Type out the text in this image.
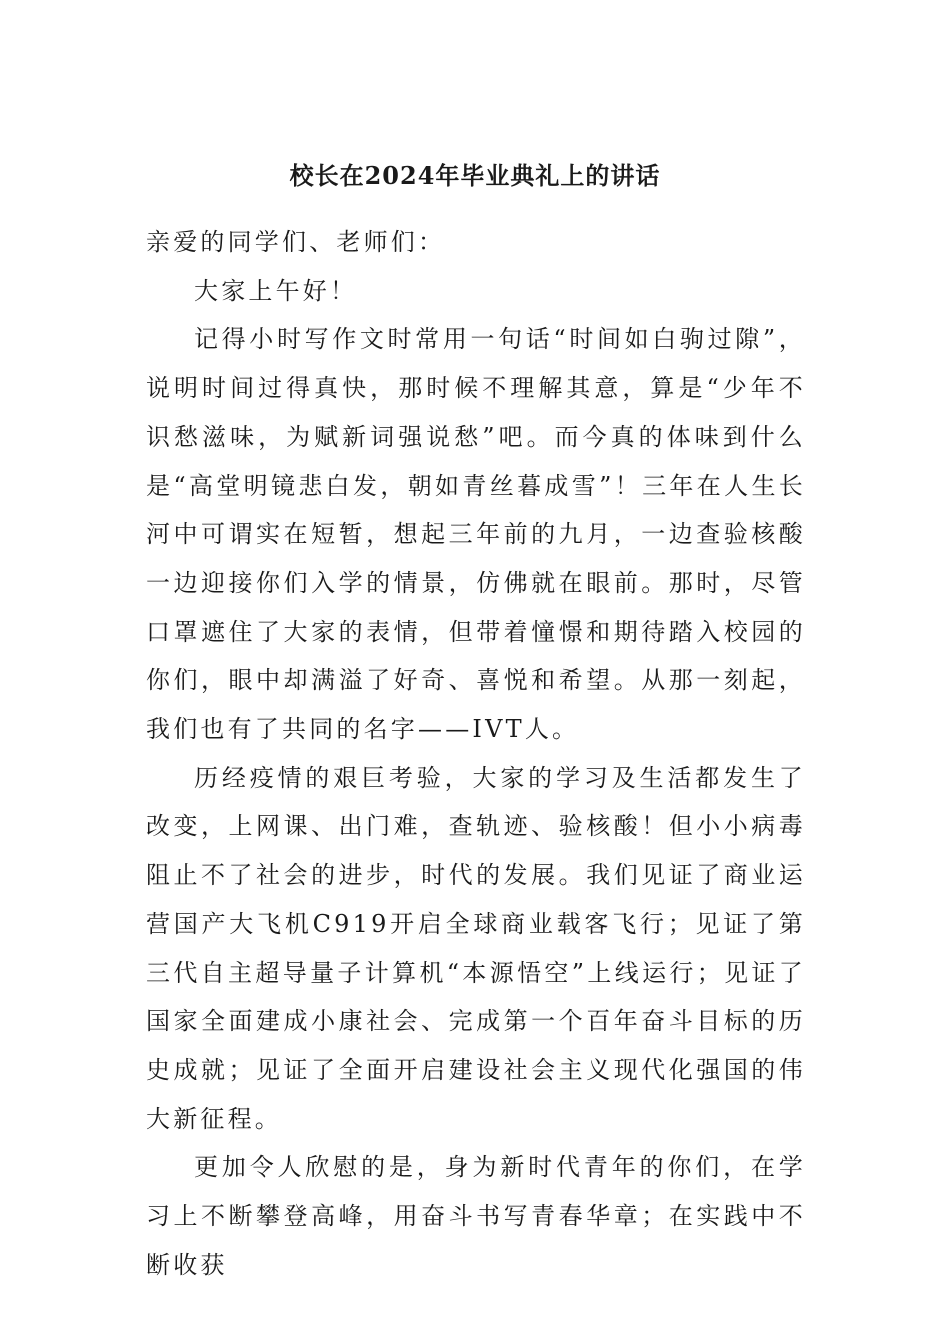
校长在2024年毕业典礼上的讲话

亲爱的同学们、老师们：

大家上午好！

记得小时写作文时常用一句话“时间如白驹过隙”，说明时间过得真快，那时候不理解其意，算是“少年不识愁滋味，为赋新词强说愁”吧。而今真的体味到什么是“高堂明镜悲白发，朝如青丝暮成雪”！三年在人生长河中可谓实在短暂，想起三年前的九月，一边查验核酸一边迎接你们入学的情景，仿佛就在眼前。那时，尽管口罩遮住了大家的表情，但带着憧憬和期待踏入校园的你们，眼中却满溢了好奇、喜悦和希望。从那一刻起，我们也有了共同的名字——IVT人。

历经疫情的艰巨考验，大家的学习及生活都发生了改变，上网课、出门难，查轨迹、验核酸！但小小病毒阻止不了社会的进步，时代的发展。我们见证了商业运营国产大飞机C919开启全球商业载客飞行；见证了第三代自主超导量子计算机“本源悟空”上线运行；见证了国家全面建成小康社会、完成第一个百年奋斗目标的历史成就；见证了全面开启建设社会主义现代化强国的伟大新征程。

更加令人欣慰的是，身为新时代青年的你们，在学习上不断攀登高峰，用奋斗书写青春华章；在实践中不断收获
